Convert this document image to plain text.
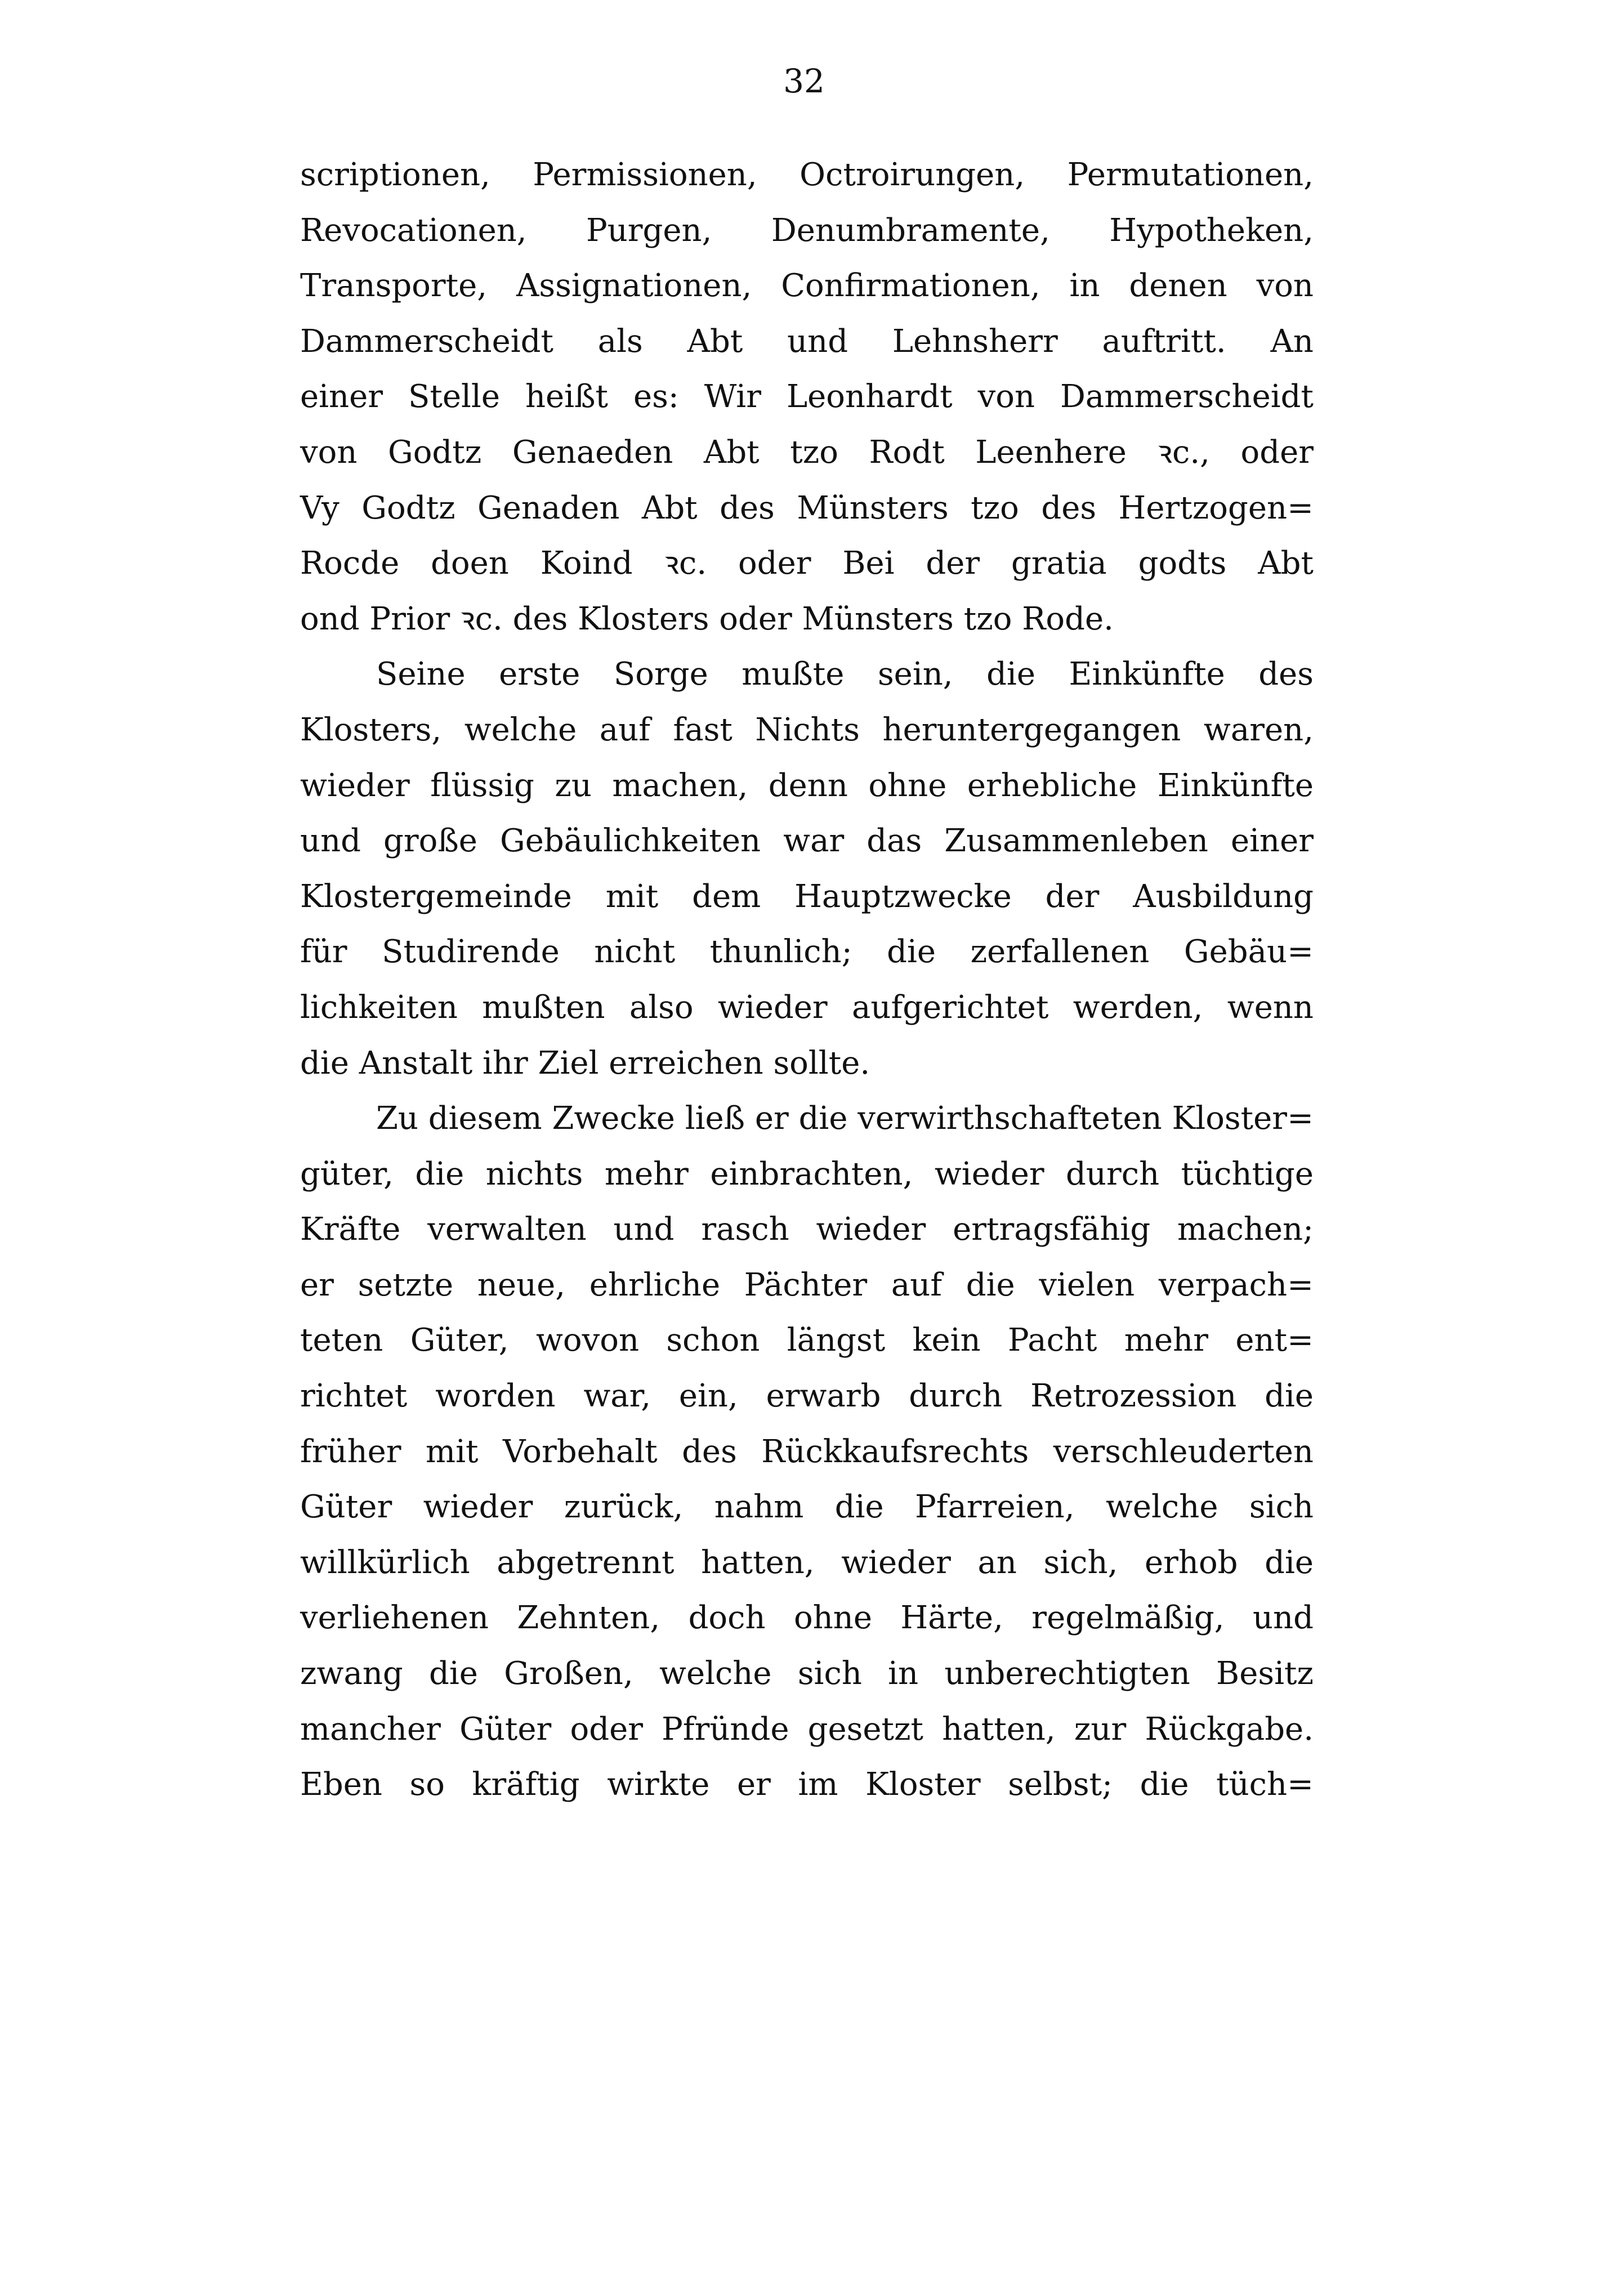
32
scriptionen, Permissionen, Octroirungen, Permutationen,
Revocationen, Purgen, Denumbramente, Hypotheken,
Transporte, Assignationen, Confirmationen, in denen von
Dammerscheidt als Abt und Lehnsherr auftritt. An
einer Stelle heißt es: Wir Leonhardt von Dammerscheidt
von Godtz Genaeden Abt tzo Rodt Leenhere ꝛc., oder
Vy Godtz Genaden Abt des Münsters tzo des Hertzogen=
Rocde doen Koind ꝛc. oder Bei der gratia godts Abt
ond Prior ꝛc. des Klosters oder Münsters tzo Rode.
Seine erste Sorge mußte sein, die Einkünfte des
Klosters, welche auf fast Nichts heruntergegangen waren,
wieder flüssig zu machen, denn ohne erhebliche Einkünfte
und große Gebäulichkeiten war das Zusammenleben einer
Klostergemeinde mit dem Hauptzwecke der Ausbildung
für Studirende nicht thunlich; die zerfallenen Gebäu=
lichkeiten mußten also wieder aufgerichtet werden, wenn
die Anstalt ihr Ziel erreichen sollte.
Zu diesem Zwecke ließ er die verwirthschafteten Kloster=
güter, die nichts mehr einbrachten, wieder durch tüchtige
Kräfte verwalten und rasch wieder ertragsfähig machen;
er setzte neue, ehrliche Pächter auf die vielen verpach=
teten Güter, wovon schon längst kein Pacht mehr ent=
richtet worden war, ein, erwarb durch Retrozession die
früher mit Vorbehalt des Rückkaufsrechts verschleuderten
Güter wieder zurück, nahm die Pfarreien, welche sich
willkürlich abgetrennt hatten, wieder an sich, erhob die
verliehenen Zehnten, doch ohne Härte, regelmäßig, und
zwang die Großen, welche sich in unberechtigten Besitz
mancher Güter oder Pfründe gesetzt hatten, zur Rückgabe.
Eben so kräftig wirkte er im Kloster selbst; die tüch=
